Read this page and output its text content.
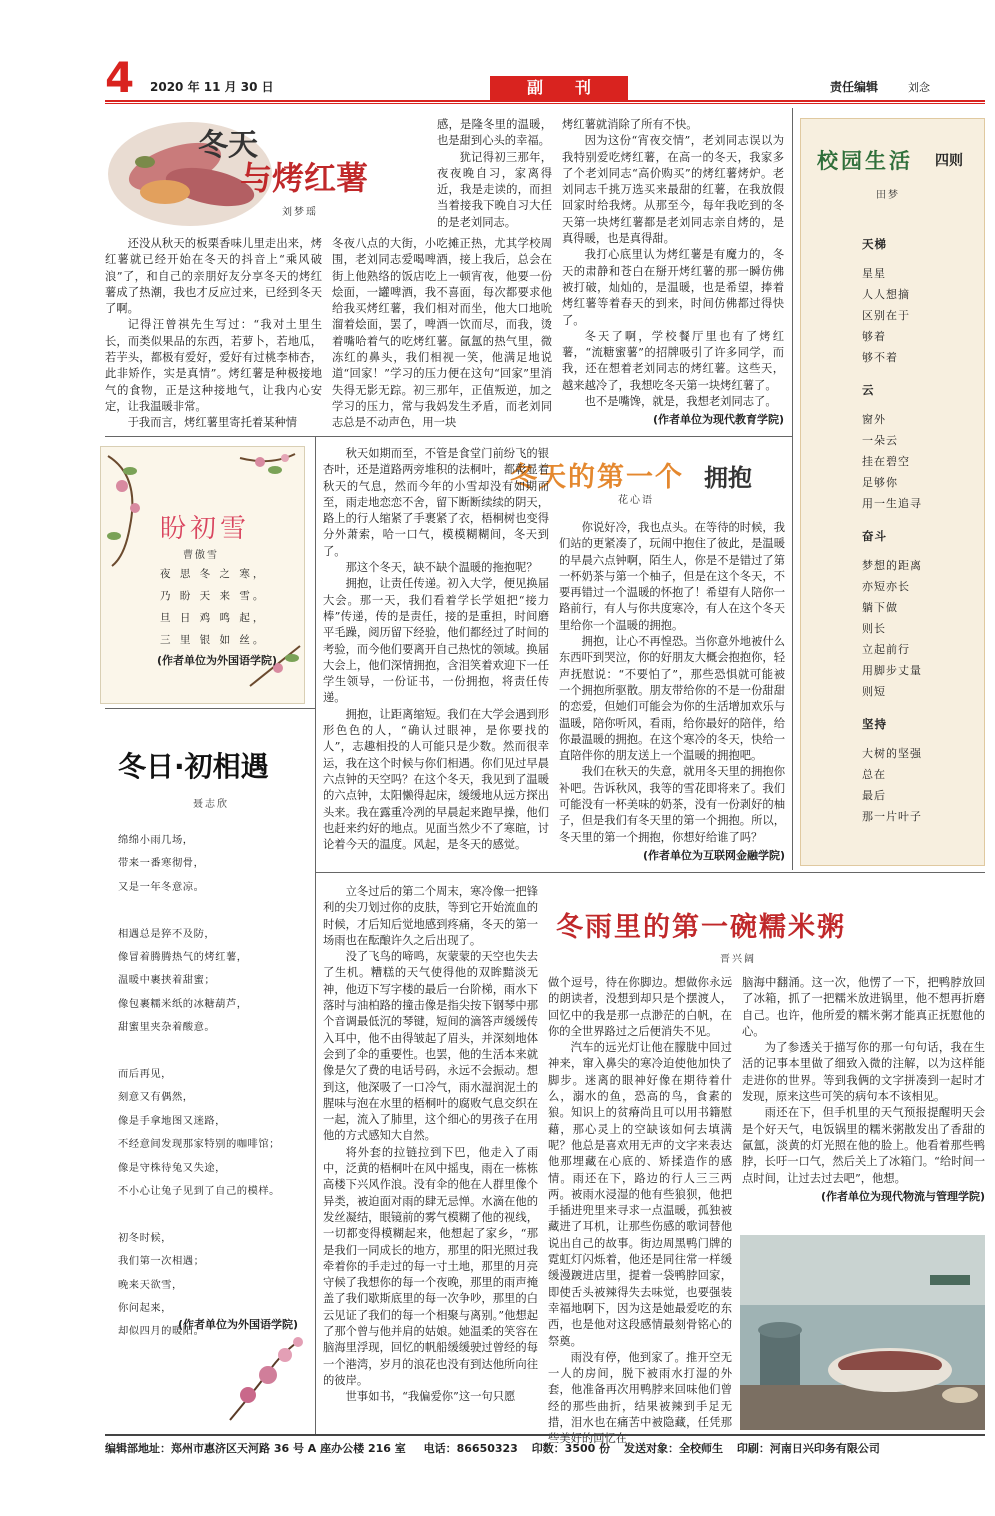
4 2020 年 11 月 30 日	副　　刊	责任编辑	刘念
冬天
与烤红薯
刘梦瑶

还没从秋天的板栗香味儿里走出来，烤红薯就已经开始在冬天的抖音上“乘风破浪”了，和自己的亲朋好友分享冬天的烤红薯成了热潮，我也才反应过来，已经到冬天了啊。

记得汪曾祺先生写过：“我对土里生长，而类似果品的东西，若萝卜，若地瓜，若芋头，都极有爱好，爱好有过桃李柿杏，此非矫作，实是真情”。烤红薯是种极接地气的食物，正是这种接地气，让我内心安定，让我温暖非常。

于我而言，烤红薯里寄托着某种情

感，是隆冬里的温暖，也是甜到心头的幸福。

犹记得初三那年，夜夜晚自习，家离得近，我是走读的，而担当着接我下晚自习大任的是老刘同志。

冬夜八点的大街，小吃摊正热，尤其学校周围，老刘同志爱喝啤酒，接上我后，总会在街上他熟络的饭店吃上一顿宵夜，他要一份烩面，一罐啤酒，我不喜面，每次都要求他给我买烤红薯，我们相对而坐，他大口地吮溜着烩面，罢了，啤酒一饮而尽，而我，烫着嘴哈着气的吃烤红薯。氤氲的热气里，微冻红的鼻头，我们相视一笑，他满足地说道“回家！”学习的压力便在这句“回家”里消失得无影无踪。初三那年，正值叛逆，加之学习的压力，常与我妈发生矛盾，而老刘同志总是不动声色，用一块

烤红薯就消除了所有不快。

因为这份“宵夜交情”，老刘同志误以为我特别爱吃烤红薯，在高一的冬天，我家多了个老刘同志“高价购买”的烤红薯烤炉。老刘同志千挑万选买来最甜的红薯，在我放假回家时给我烤。从那至今，每年我吃到的冬天第一块烤红薯都是老刘同志亲自烤的，是真得暖，也是真得甜。

我打心底里认为烤红薯是有魔力的，冬天的肃静和苍白在掰开烤红薯的那一瞬仿佛被打破，灿灿的，是温暖，也是希望，捧着烤红薯等着春天的到来，时间仿佛都过得快了。

冬天了啊，学校餐厅里也有了烤红薯，“流糖蜜薯”的招牌吸引了许多同学，而我，还在想着老刘同志的烤红薯。这些天，越来越冷了，我想吃冬天第一块烤红薯了。

也不是嘴馋，就是，我想老刘同志了。

(作者单位为现代教育学院)

校园生活 四则
田梦
天梯
星星
人人想摘
区别在于
够着
够不着
云
窗外
一朵云
挂在碧空
足够你
用一生追寻
奋斗
梦想的距离
亦短亦长
躺下做
则长
立起前行
用脚步丈量
则短
坚持
大树的坚强
总在
最后
那一片叶子
盼初雪
曹傲雪
夜 思 冬 之 寒，
乃 盼 天 来 雪。
旦 日 鸡 鸣 起，
三 里 银 如 丝。
(作者单位为外国语学院)
冬日·初相遇
聂志欣
绵绵小雨几场，
带来一番寒彻骨，
又是一年冬意凉。
相遇总是猝不及防，
像冒着腾腾热气的烤红薯，
温暖中裹挟着甜蜜；
像包裹糯米纸的冰糖葫芦，
甜蜜里夹杂着酸意。
而后再见，
刻意又有偶然，
像是手拿地图又迷路，
不经意间发现那家特别的咖啡馆；
像是守株待兔又失途，
不小心让兔子见到了自己的模样。
初冬时候，
我们第一次相遇；
晚来天欲雪，
你问起来，
却似四月的暖阳。
(作者单位为外国语学院)
冬天的第一个 拥抱
花心语

秋天如期而至，不管是食堂门前纷飞的银杏叶，还是道路两旁堆积的法桐叶，都彰显着秋天的气息，然而今年的小雪却没有如期而至，雨走地恋恋不舍，留下断断续续的阴天，路上的行人缩紧了手裹紧了衣，梧桐树也变得分外萧索，哈一口气，模模糊糊间，冬天到了。

那这个冬天，缺不缺个温暖的拖抱呢？

拥抱，让责任传递。初入大学，便见换届大会。那一天，我们看着学长学姐把“接力棒”传递，传的是责任，接的是重担，时间磨平毛躁，阅历留下经验，他们都经过了时间的考验，而今他们要离开自己热忱的领域。换届大会上，他们深情拥抱，含泪笑着欢迎下一任学生领导，一份证书，一份拥抱，将责任传递。

拥抱，让距离缩短。我们在大学会遇到形形色色的人，“确认过眼神，是你要找的人”，志趣相投的人可能只是少数。然而很幸运，我在这个时候与你们相遇。你们见过早晨六点钟的天空吗？在这个冬天，我见到了温暖的六点钟，太阳懒得起床，缓缓地从远方探出头来。我在露重冷冽的早晨起来跑早操，他们也赶来约好的地点。见面当然少不了寒暄，讨论着今天的温度。风起，是冬天的感觉。

你说好冷，我也点头。在等待的时候，我们站的更紧凑了，玩闹中抱住了彼此，是温暖的早晨六点钟啊，陌生人，你是不是错过了第一杯奶茶与第一个柚子，但是在这个冬天，不要再错过一个温暖的怀抱了！希望有人陪你一路前行，有人与你共度寒冷，有人在这个冬天里给你一个温暖的拥抱。

拥抱，让心不再惶恐。当你意外地被什么东西吓到哭泣，你的好朋友大概会抱抱你，轻声抚慰说：“不要怕了”，那些恐惧就可能被一个拥抱所驱散。朋友带给你的不是一份甜甜的恋爱，但她们可能会为你的生活增加欢乐与温暖，陪你听风，看雨，给你最好的陪伴，给你最温暖的拥抱。在这个寒冷的冬天，快给一直陪伴你的朋友送上一个温暖的拥抱吧。

我们在秋天的失意，就用冬天里的拥抱你补吧。告诉秋风，我等的雪花即将来了。我们可能没有一杯美味的奶茶，没有一份剥好的柚子，但是我们有冬天里的第一个拥抱。所以，冬天里的第一个拥抱，你想好给谁了吗？

(作者单位为互联网金融学院)

冬雨里的第一碗糯米粥
晋兴阔

立冬过后的第二个周末，寒冷像一把锋利的尖刀划过你的皮肤，等到它开始流血的时候，才后知后觉地感到疼痛，冬天的第一场雨也在酝酿许久之后出现了。

没了飞鸟的啼鸣，灰蒙蒙的天空也失去了生机。糟糕的天气使得他的双眸黯淡无神，他迈下写字楼的最后一台阶梯，雨水下落时与油柏路的撞击像是指尖按下钢琴中那个音调最低沉的琴键，短间的滴答声缓缓传入耳中，他不由得皱起了眉头，并深刻地体会到了伞的重要性。也罢，他的生活本来就像是欠了费的电话号码，永远不会振动。想到这，他深吸了一口冷气，雨水湿润泥土的腥味与泡在水里的梧桐叶的腐败气息交织在一起，流入了肺里，这个细心的男孩子在用他的方式感知大自然。

将外套的拉链拉到下巴，他走入了雨中，泛黄的梧桐叶在风中摇曳，雨在一栋栋高楼下兴风作浪。没有伞的他在人群里像个异类，被迫面对雨的肆无忌惮。水滴在他的发丝凝结，眼镜前的雾气模糊了他的视线，一切都变得模糊起来，他想起了家乡，“那是我们一同成长的地方，那里的阳光照过我牵着你的手走过的每一寸土地，那里的月亮守候了我想你的每一个夜晚，那里的雨声掩盖了我们歇斯底里的每一次争吵，那里的白云见证了我们的每一个相聚与离别。”他想起了那个曾与他并肩的姑娘。她温柔的笑容在脑海里浮现，回忆的帆船缓缓驶过曾经的每一个港湾，岁月的浪花也没有到达他所向往的彼岸。

世事如书，“我偏爱你”这一句只愿

做个逗号，待在你脚边。想做你永远的朗读者，没想到却只是个摆渡人，回忆中的我是那一点渺茫的白帆，在你的全世界路过之后便消失不见。

汽车的远光灯让他在朦胧中回过神来，窜入鼻尖的寒冷迫使他加快了脚步。迷离的眼神好像在期待着什么，溺水的鱼，恐高的鸟，食素的狼。知识上的贫瘠尚且可以用书籍慰藉，那心灵上的空缺该如何去填满呢？他总是喜欢用无声的文字来表达他那埋藏在心底的、矫揉造作的感情。雨还在下，路边的行人三三两两。被雨水浸湿的他有些狼狈，他把手插进兜里来寻求一点温暖，孤独被藏进了耳机，让那些伤感的歌词替他说出自己的故事。街边周黑鸭门牌的霓虹灯闪烁着，他还是同往常一样缓缓漫踱进店里，提着一袋鸭脖回家，即使舌头被辣得失去味觉，也要强装幸福地啊下，因为这是她最爱吃的东西，也是他对这段感情最刻骨铭心的祭奠。

雨没有停，他到家了。推开空无一人的房间，脱下被雨水打湿的外套，他准备再次用鸭脖来回味他们曾经的那些曲折，结果被辣到手足无措，泪水也在痛苦中被隐藏，任凭那些美好的回忆在

脑海中翻涌。这一次，他愣了一下，把鸭脖放回了冰箱，抓了一把糯米放进锅里，他不想再折磨自己。也许，他所爱的糯米粥才能真正抚慰他的心。

为了参透关于描写你的那一句句话，我在生活的记事本里做了细致入微的注解，以为这样能走进你的世界。等到我俩的文字拼凑到一起时才发现，原来这些可笑的病句本不该相见。

雨还在下，但手机里的天气预报提醒明天会是个好天气，电饭锅里的糯米粥散发出了香甜的氤氲，淡黄的灯光照在他的脸上。他看着那些鸭脖，长吁一口气，然后关上了冰箱门。“给时间一点时间，让过去过去吧”，他想。

(作者单位为现代物流与管理学院)

编辑部地址：郑州市惠济区天河路 36 号 A 座办公楼 216 室 电话：86650323 印数：3500 份 发送对象：全校师生 印刷：河南日兴印务有限公司
